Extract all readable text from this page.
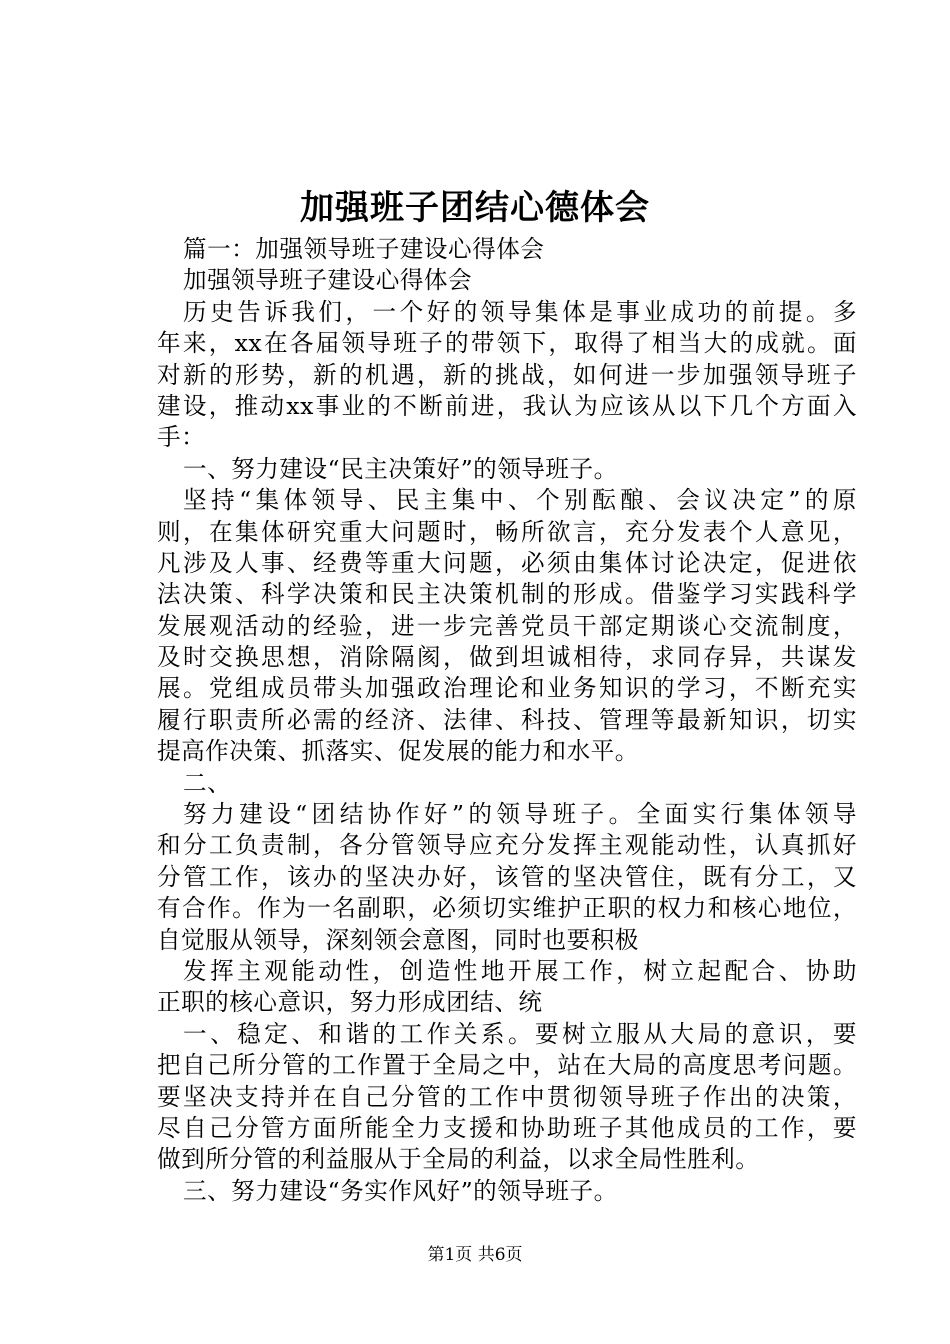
加强班子团结心德体会
篇一：加强领导班子建设心得体会
加强领导班子建设心得体会
历史告诉我们，一个好的领导集体是事业成功的前提。多
年来，xx在各届领导班子的带领下，取得了相当大的成就。面
对新的形势，新的机遇，新的挑战，如何进一步加强领导班子
建设，推动xx事业的不断前进，我认为应该从以下几个方面入
手：
一、努力建设“民主决策好”的领导班子。
坚持“集体领导、民主集中、个别酝酿、会议决定”的原
则，在集体研究重大问题时，畅所欲言，充分发表个人意见，
凡涉及人事、经费等重大问题，必须由集体讨论决定，促进依
法决策、科学决策和民主决策机制的形成。借鉴学习实践科学
发展观活动的经验，进一步完善党员干部定期谈心交流制度，
及时交换思想，消除隔阂，做到坦诚相待，求同存异，共谋发
展。党组成员带头加强政治理论和业务知识的学习，不断充实
履行职责所必需的经济、法律、科技、管理等最新知识，切实
提高作决策、抓落实、促发展的能力和水平。
二、
努力建设“团结协作好”的领导班子。全面实行集体领导
和分工负责制，各分管领导应充分发挥主观能动性，认真抓好
分管工作，该办的坚决办好，该管的坚决管住，既有分工，又
有合作。作为一名副职，必须切实维护正职的权力和核心地位，
自觉服从领导，深刻领会意图，同时也要积极
发挥主观能动性，创造性地开展工作，树立起配合、协助
正职的核心意识，努力形成团结、统
一、稳定、和谐的工作关系。要树立服从大局的意识，要
把自己所分管的工作置于全局之中，站在大局的高度思考问题。
要坚决支持并在自己分管的工作中贯彻领导班子作出的决策，
尽自己分管方面所能全力支援和协助班子其他成员的工作，要
做到所分管的利益服从于全局的利益，以求全局性胜利。
三、努力建设“务实作风好”的领导班子。
第1页 共6页
